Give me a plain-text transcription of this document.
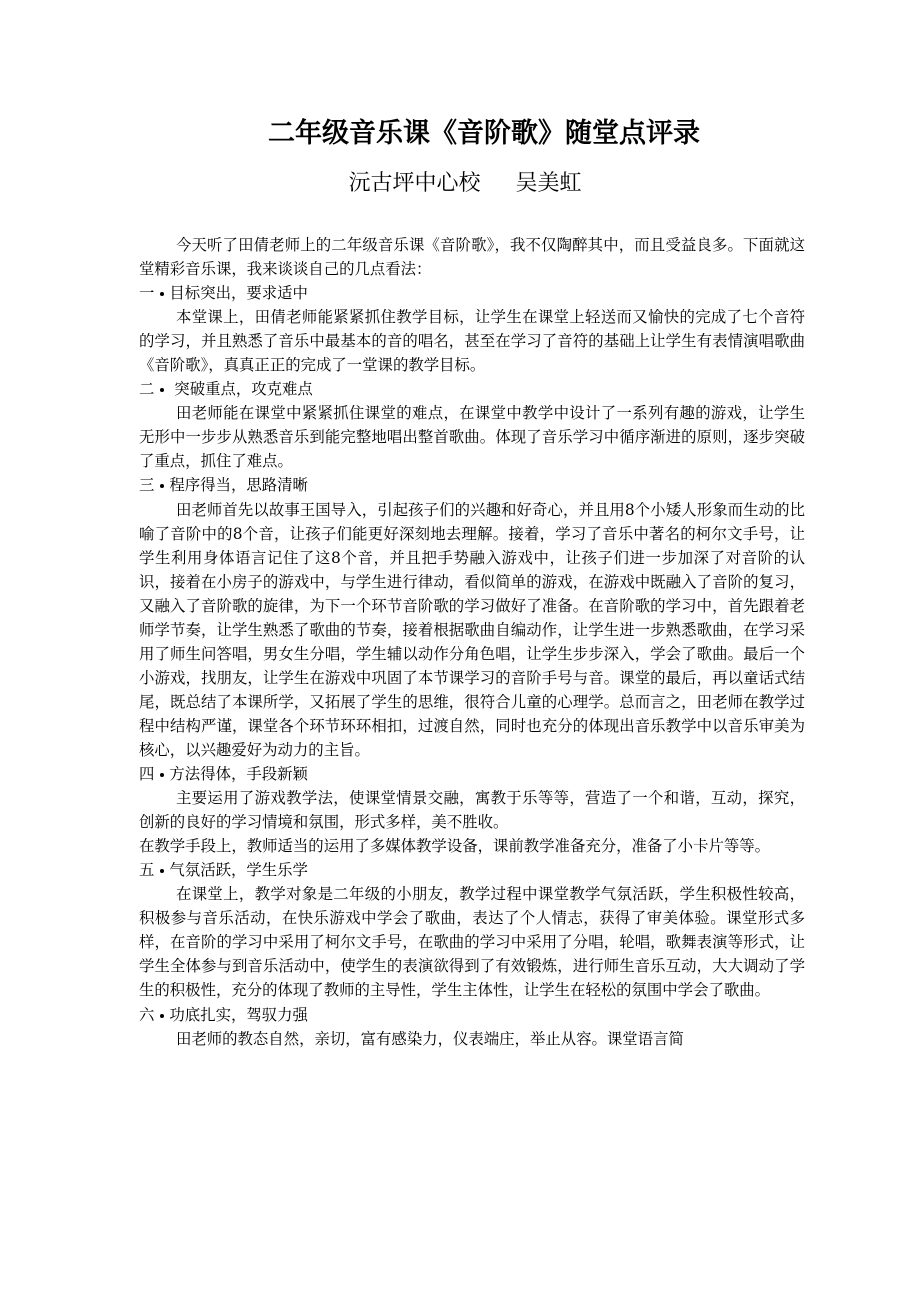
二年级音乐课《音阶歌》随堂点评录

沅古坪中心校     吴美虹

今天听了田倩老师上的二年级音乐课《音阶歌》，我不仅陶醉其中，而且受益良多。下面就这堂精彩音乐课，我来谈谈自己的几点看法：

一 目标突出，要求适中

本堂课上，田倩老师能紧紧抓住教学目标，让学生在课堂上轻送而又愉快的完成了七个音符的学习，并且熟悉了音乐中最基本的音的唱名，甚至在学习了音符的基础上让学生有表情演唱歌曲《音阶歌》，真真正正的完成了一堂课的教学目标。

二 突破重点，攻克难点

田老师能在课堂中紧紧抓住课堂的难点，在课堂中教学中设计了一系列有趣的游戏，让学生无形中一步步从熟悉音乐到能完整地唱出整首歌曲。体现了音乐学习中循序渐进的原则，逐步突破了重点，抓住了难点。

三 程序得当，思路清晰

田老师首先以故事王国导入，引起孩子们的兴趣和好奇心，并且用8个小矮人形象而生动的比喻了音阶中的8个音，让孩子们能更好深刻地去理解。接着，学习了音乐中著名的柯尔文手号，让学生利用身体语言记住了这8个音，并且把手势融入游戏中，让孩子们进一步加深了对音阶的认识，接着在小房子的游戏中，与学生进行律动，看似简单的游戏，在游戏中既融入了音阶的复习，又融入了音阶歌的旋律，为下一个环节音阶歌的学习做好了准备。在音阶歌的学习中，首先跟着老师学节奏，让学生熟悉了歌曲的节奏，接着根据歌曲自编动作，让学生进一步熟悉歌曲，在学习采用了师生问答唱，男女生分唱，学生辅以动作分角色唱，让学生步步深入，学会了歌曲。最后一个小游戏，找朋友，让学生在游戏中巩固了本节课学习的音阶手号与音。课堂的最后，再以童话式结尾，既总结了本课所学，又拓展了学生的思维，很符合儿童的心理学。总而言之，田老师在教学过程中结构严谨，课堂各个环节环环相扣，过渡自然，同时也充分的体现出音乐教学中以音乐审美为核心，以兴趣爱好为动力的主旨。

四 方法得体，手段新颖

主要运用了游戏教学法，使课堂情景交融，寓教于乐等等，营造了一个和谐，互动，探究，创新的良好的学习情境和氛围，形式多样，美不胜收。

在教学手段上，教师适当的运用了多媒体教学设备，课前教学准备充分，准备了小卡片等等。

五 气氛活跃，学生乐学

在课堂上，教学对象是二年级的小朋友，教学过程中课堂教学气氛活跃，学生积极性较高，积极参与音乐活动，在快乐游戏中学会了歌曲，表达了个人情志，获得了审美体验。课堂形式多样，在音阶的学习中采用了柯尔文手号，在歌曲的学习中采用了分唱，轮唱，歌舞表演等形式，让学生全体参与到音乐活动中，使学生的表演欲得到了有效锻炼，进行师生音乐互动，大大调动了学生的积极性，充分的体现了教师的主导性，学生主体性，让学生在轻松的氛围中学会了歌曲。

六 功底扎实，驾驭力强

田老师的教态自然，亲切，富有感染力，仪表端庄，举止从容。课堂语言简
